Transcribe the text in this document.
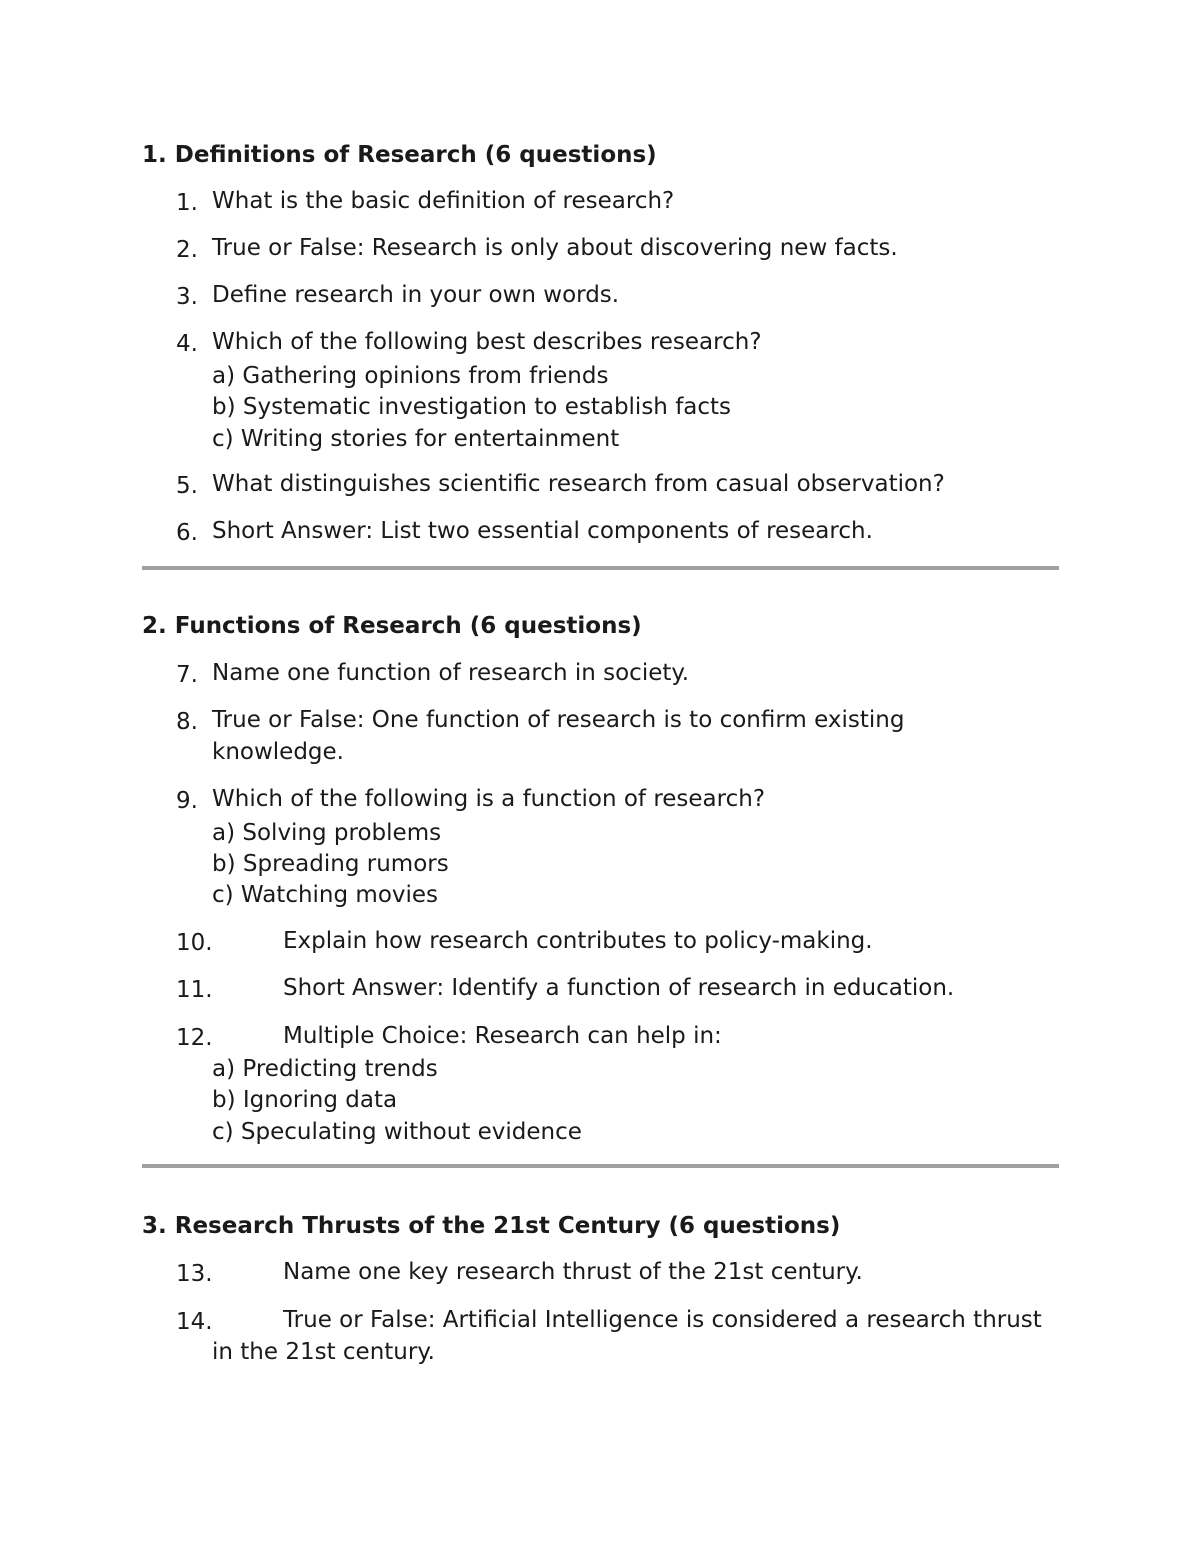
1. Definitions of Research (6 questions)
1. What is the basic definition of research?
2. True or False: Research is only about discovering new facts.
3. Define research in your own words.
4. Which of the following best describes research?
a) Gathering opinions from friends
b) Systematic investigation to establish facts
c) Writing stories for entertainment
5. What distinguishes scientific research from casual observation?
6. Short Answer: List two essential components of research.
2. Functions of Research (6 questions)
7. Name one function of research in society.
8. True or False: One function of research is to confirm existing
knowledge.
9. Which of the following is a function of research?
a) Solving problems
b) Spreading rumors
c) Watching movies
10.	Explain how research contributes to policy-making.
11.	Short Answer: Identify a function of research in education.
12.	Multiple Choice: Research can help in:
a) Predicting trends
b) Ignoring data
c) Speculating without evidence
3. Research Thrusts of the 21st Century (6 questions)
13.	Name one key research thrust of the 21st century.
14.	True or False: Artificial Intelligence is considered a research thrust
in the 21st century.
